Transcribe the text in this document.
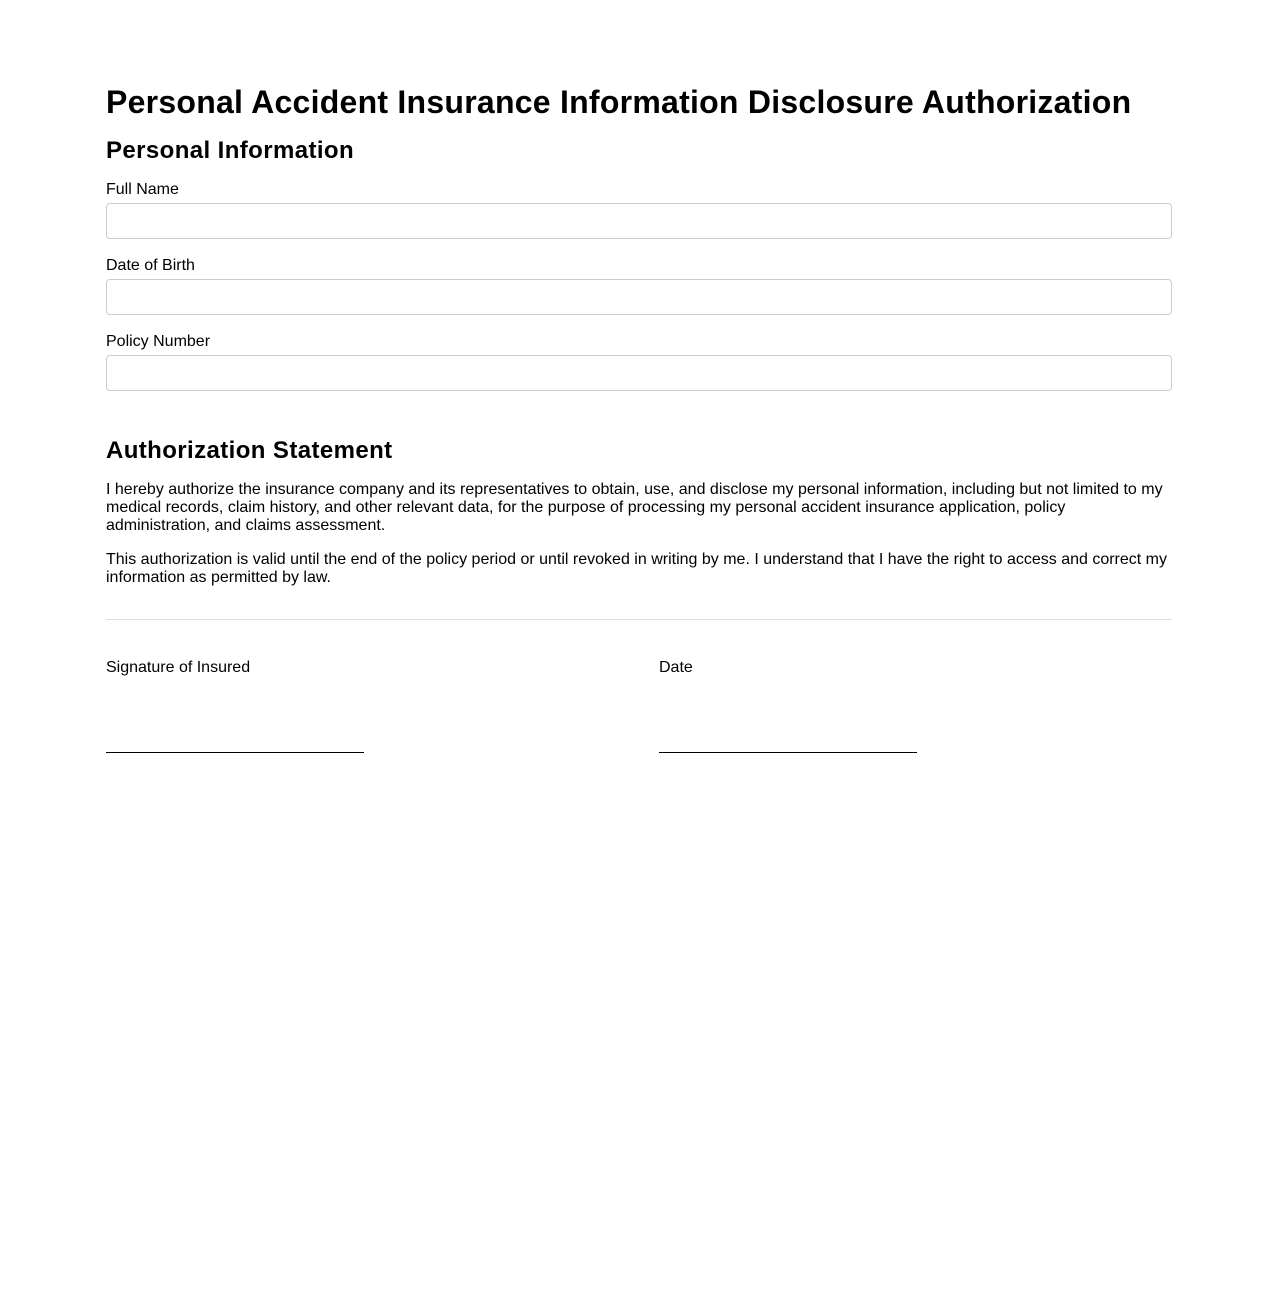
Personal Accident Insurance Information Disclosure Authorization
Personal Information
Full Name
Date of Birth
Policy Number
Authorization Statement

I hereby authorize the insurance company and its representatives to obtain, use, and disclose my personal information, including but not limited to my medical records, claim history, and other relevant data, for the purpose of processing my personal accident insurance application, policy administration, and claims assessment.

This authorization is valid until the end of the policy period or until revoked in writing by me. I understand that I have the right to access and correct my information as permitted by law.

Signature of Insured	Date
